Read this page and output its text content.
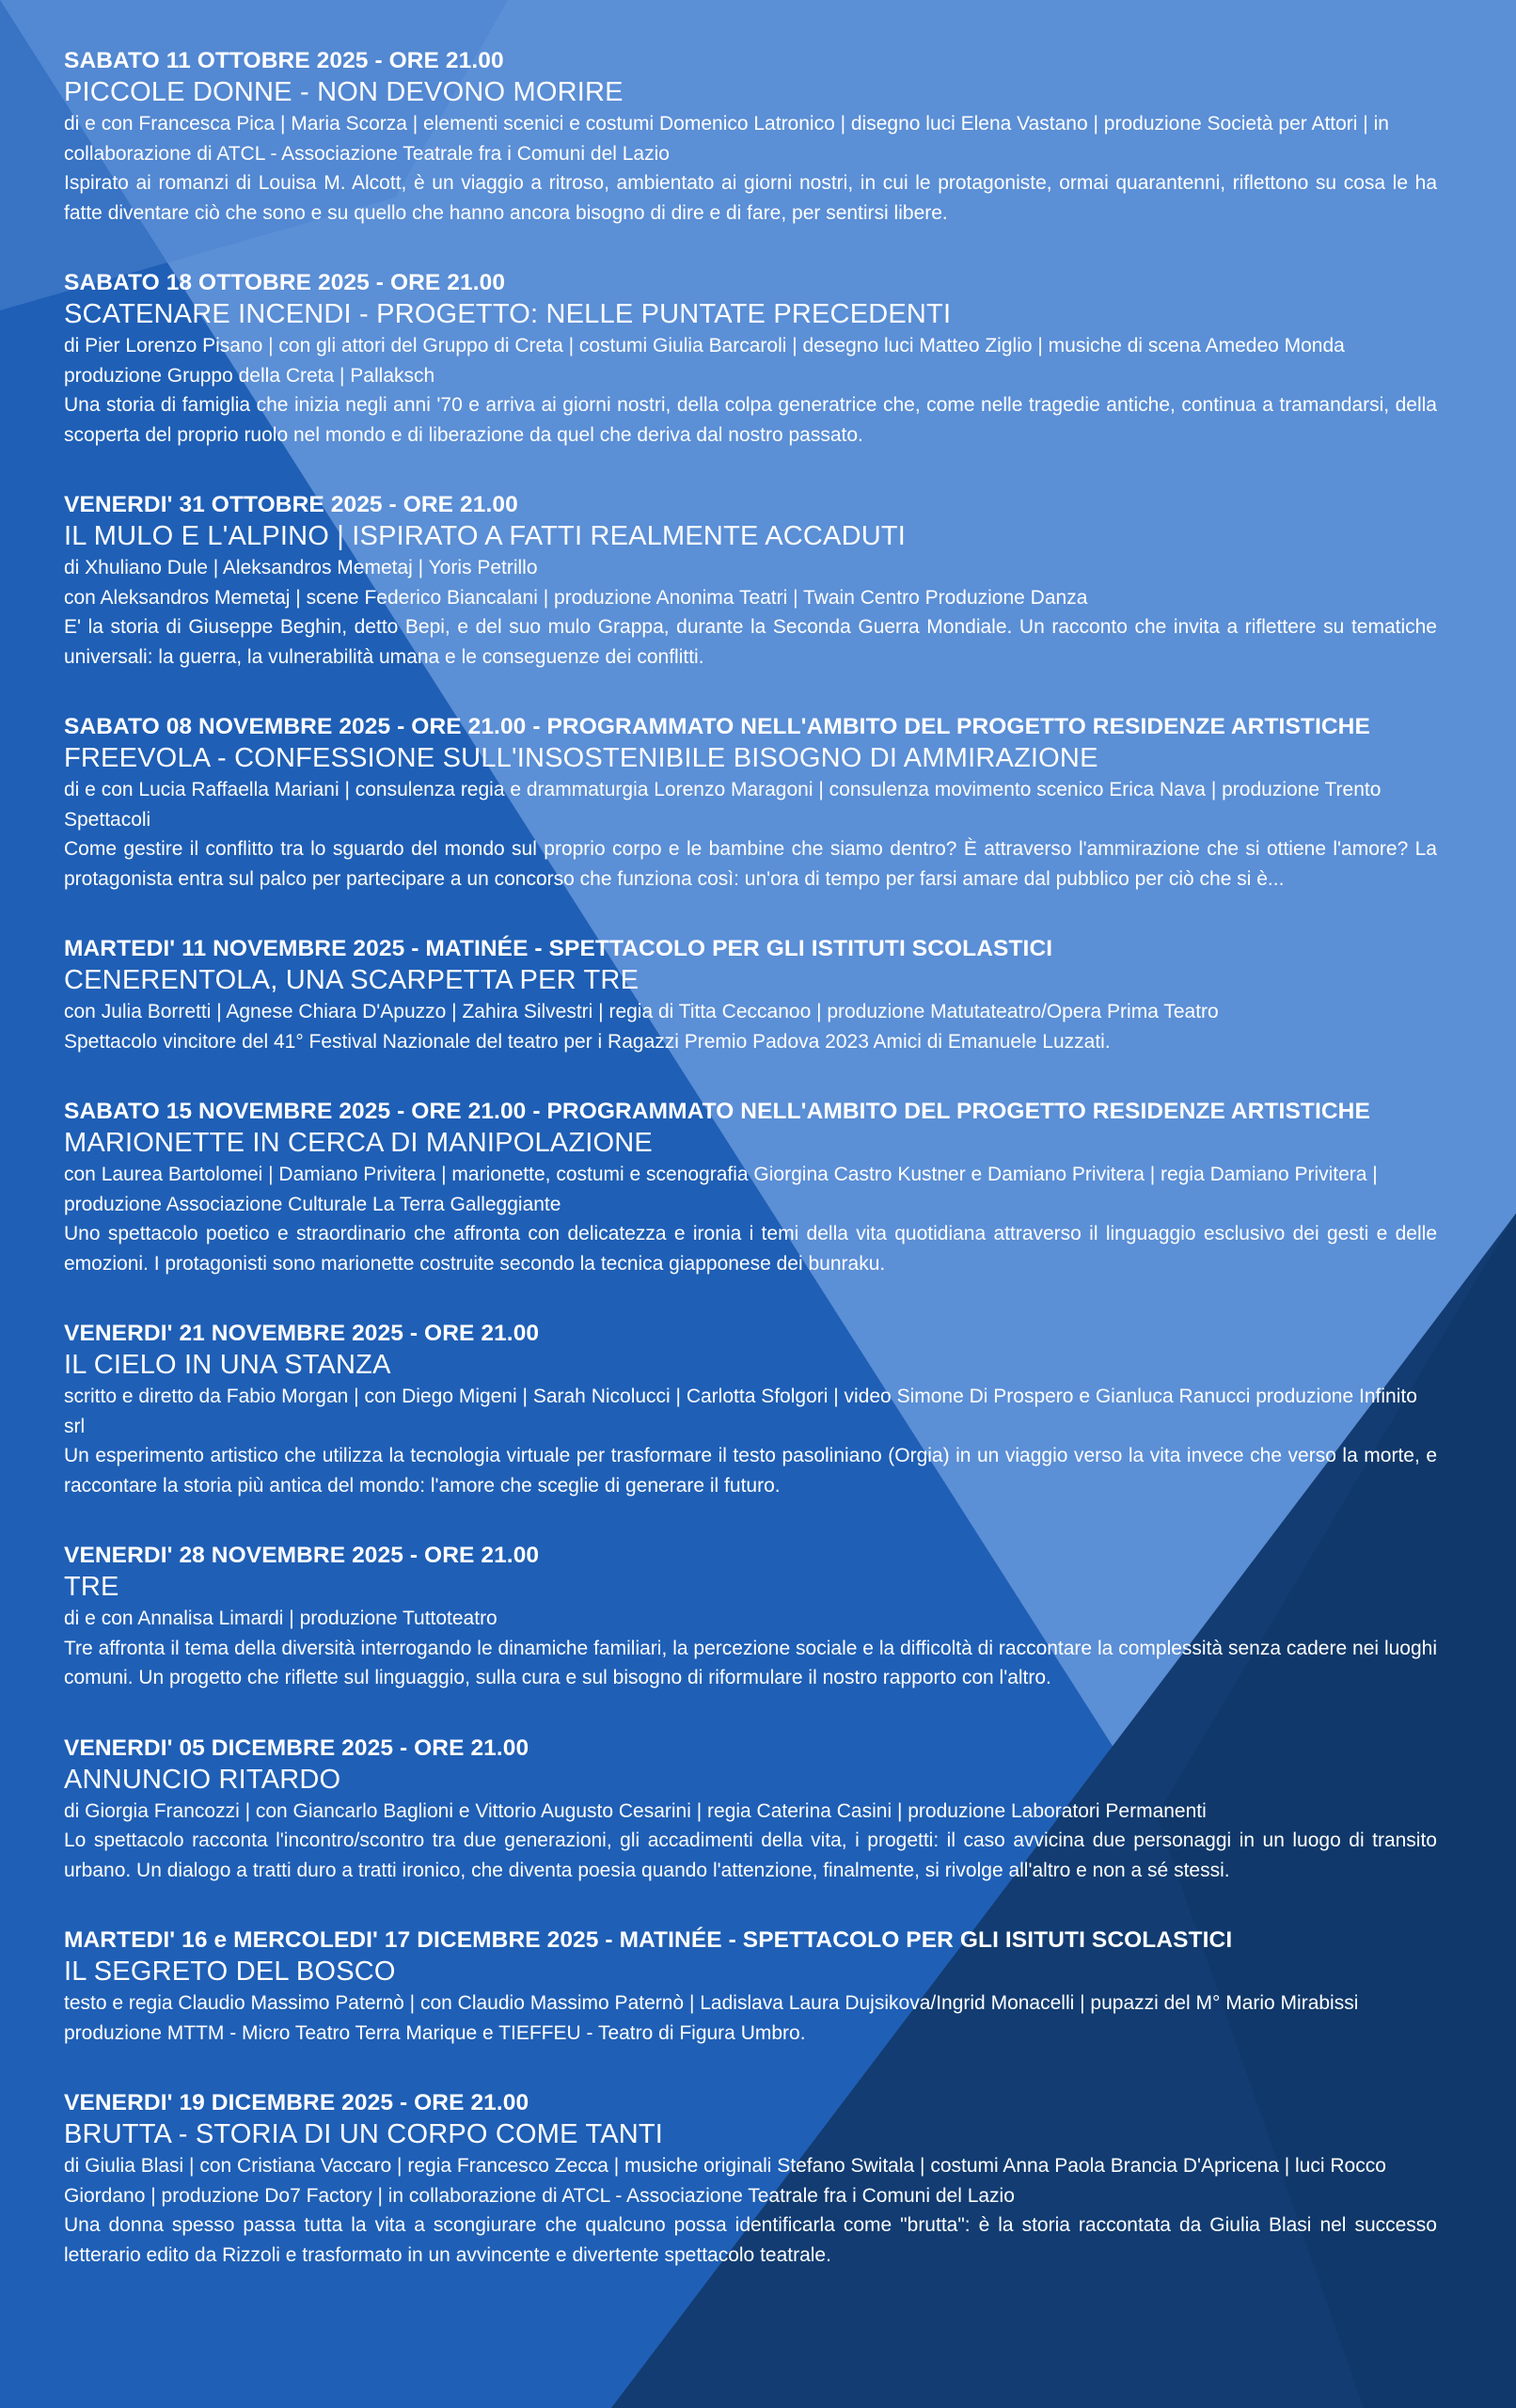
SABATO 11 OTTOBRE 2025 - ORE 21.00
PICCOLE DONNE - NON DEVONO MORIRE

di e con Francesca Pica | Maria Scorza | elementi scenici e costumi Domenico Latronico | disegno luci Elena Vastano | produzione Società per Attori | in collaborazione di ATCL - Associazione Teatrale fra i Comuni del Lazio

Ispirato ai romanzi di Louisa M. Alcott, è un viaggio a ritroso, ambientato ai giorni nostri, in cui le protagoniste, ormai quarantenni, riflettono su cosa le ha fatte diventare ciò che sono e su quello che hanno ancora bisogno di dire e di fare, per sentirsi libere.

SABATO 18 OTTOBRE 2025 - ORE 21.00
SCATENARE INCENDI - PROGETTO: NELLE PUNTATE PRECEDENTI

di Pier Lorenzo Pisano | con gli attori del Gruppo di Creta | costumi Giulia Barcaroli | desegno luci Matteo Ziglio | musiche di scena Amedeo Monda produzione Gruppo della Creta | Pallaksch

Una storia di famiglia che inizia negli anni '70 e arriva ai giorni nostri, della colpa generatrice che, come nelle tragedie antiche, continua a tramandarsi, della scoperta del proprio ruolo nel mondo e di liberazione da quel che deriva dal nostro passato.

VENERDI' 31 OTTOBRE 2025 - ORE 21.00
IL MULO E L'ALPINO | ISPIRATO A FATTI REALMENTE ACCADUTI

di Xhuliano Dule | Aleksandros Memetaj | Yoris Petrillo
con Aleksandros Memetaj | scene Federico Biancalani | produzione Anonima Teatri | Twain Centro Produzione Danza

E' la storia di Giuseppe Beghin, detto Bepi, e del suo mulo Grappa, durante la Seconda Guerra Mondiale. Un racconto che invita a riflettere su tematiche universali: la guerra, la vulnerabilità umana e le conseguenze dei conflitti.

SABATO 08 NOVEMBRE 2025 - ORE 21.00 - PROGRAMMATO NELL'AMBITO DEL PROGETTO RESIDENZE ARTISTICHE
FREEVOLA - CONFESSIONE SULL'INSOSTENIBILE BISOGNO DI AMMIRAZIONE

di e con Lucia Raffaella Mariani | consulenza regia e drammaturgia Lorenzo Maragoni | consulenza movimento scenico Erica Nava | produzione Trento Spettacoli

Come gestire il conflitto tra lo sguardo del mondo sul proprio corpo e le bambine che siamo dentro? È attraverso l'ammirazione che si ottiene l'amore? La protagonista entra sul palco per partecipare a un concorso che funziona così: un'ora di tempo per farsi amare dal pubblico per ciò che si è...

MARTEDI' 11 NOVEMBRE 2025 - MATINÉE - SPETTACOLO PER GLI ISTITUTI SCOLASTICI
CENERENTOLA, UNA SCARPETTA PER TRE

con Julia Borretti | Agnese Chiara D'Apuzzo | Zahira Silvestri | regia di Titta Ceccanoo | produzione Matutateatro/Opera Prima Teatro

Spettacolo vincitore del 41° Festival Nazionale del teatro per i Ragazzi Premio Padova 2023 Amici di Emanuele Luzzati.

SABATO 15 NOVEMBRE 2025 - ORE 21.00 - PROGRAMMATO NELL'AMBITO DEL PROGETTO RESIDENZE ARTISTICHE
MARIONETTE IN CERCA DI MANIPOLAZIONE

con Laurea Bartolomei | Damiano Privitera | marionette, costumi e scenografia Giorgina Castro Kustner e Damiano Privitera | regia Damiano Privitera | produzione Associazione Culturale La Terra Galleggiante

Uno spettacolo poetico e straordinario che affronta con delicatezza e ironia i temi della vita quotidiana attraverso il linguaggio esclusivo dei gesti e delle emozioni. I protagonisti sono marionette costruite secondo la tecnica giapponese dei bunraku.

VENERDI' 21 NOVEMBRE 2025 - ORE 21.00
IL CIELO IN UNA STANZA

scritto e diretto da Fabio Morgan | con Diego Migeni | Sarah Nicolucci | Carlotta Sfolgori | video Simone Di Prospero e Gianluca Ranucci produzione Infinito srl

Un esperimento artistico che utilizza la tecnologia virtuale per trasformare il testo pasoliniano (Orgia) in un viaggio verso la vita invece che verso la morte, e raccontare la storia più antica del mondo: l'amore che sceglie di generare il futuro.

VENERDI' 28 NOVEMBRE 2025 - ORE 21.00
TRE

di e con Annalisa Limardi | produzione Tuttoteatro

Tre affronta il tema della diversità interrogando le dinamiche familiari, la percezione sociale e la difficoltà di raccontare la complessità senza cadere nei luoghi comuni. Un progetto che riflette sul linguaggio, sulla cura e sul bisogno di riformulare il nostro rapporto con l'altro.

VENERDI' 05 DICEMBRE 2025 - ORE 21.00
ANNUNCIO RITARDO

di Giorgia Francozzi | con Giancarlo Baglioni e Vittorio Augusto Cesarini | regia Caterina Casini | produzione Laboratori Permanenti

Lo spettacolo racconta l'incontro/scontro tra due generazioni, gli accadimenti della vita, i progetti: il caso avvicina due personaggi in un luogo di transito urbano. Un dialogo a tratti duro a tratti ironico, che diventa poesia quando l'attenzione, finalmente, si rivolge all'altro e non a sé stessi.

MARTEDI' 16 e MERCOLEDI' 17 DICEMBRE 2025 - MATINÉE - SPETTACOLO PER GLI ISITUTI SCOLASTICI
IL SEGRETO DEL BOSCO

testo e regia Claudio Massimo Paternò | con Claudio Massimo Paternò | Ladislava Laura Dujsikova/Ingrid Monacelli | pupazzi del M° Mario Mirabissi produzione MTTM - Micro Teatro Terra Marique e TIEFFEU - Teatro di Figura Umbro.

VENERDI' 19 DICEMBRE 2025 - ORE 21.00
BRUTTA - STORIA DI UN CORPO COME TANTI

di Giulia Blasi | con Cristiana Vaccaro | regia Francesco Zecca | musiche originali Stefano Switala | costumi Anna Paola Brancia D'Apricena | luci Rocco Giordano | produzione Do7 Factory | in collaborazione di ATCL - Associazione Teatrale fra i Comuni del Lazio

Una donna spesso passa tutta la vita a scongiurare che qualcuno possa identificarla come "brutta": è la storia raccontata da Giulia Blasi nel successo letterario edito da Rizzoli e trasformato in un avvincente e divertente spettacolo teatrale.
